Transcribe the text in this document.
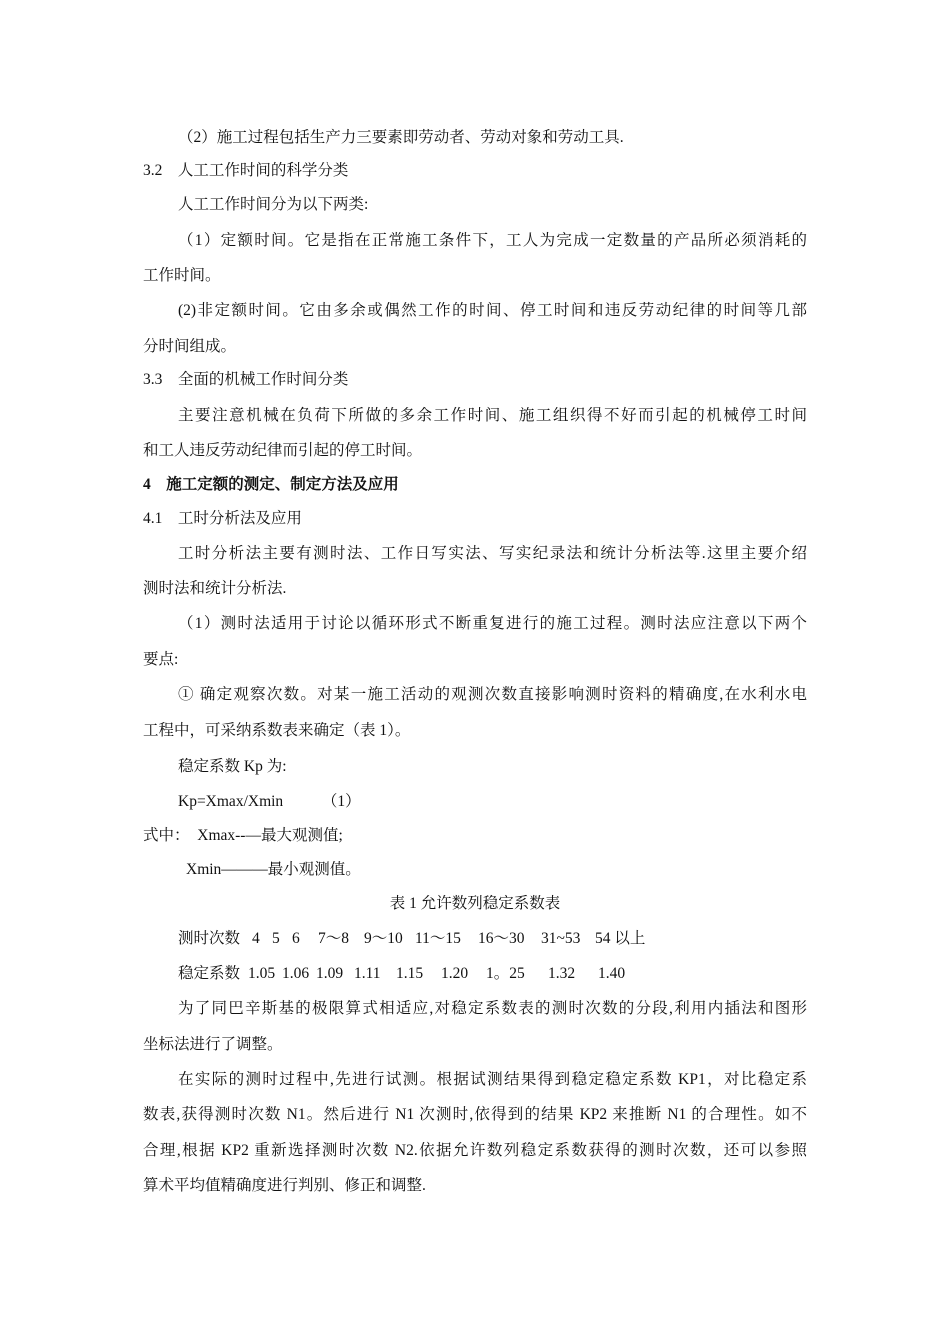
（2）施工过程包括生产力三要素即劳动者、劳动对象和劳动工具.
3.2    人工工作时间的科学分类
人工工作时间分为以下两类:
（1）定额时间。它是指在正常施工条件下，工人为完成一定数量的产品所必须消耗的
工作时间。
(2)非定额时间。它由多余或偶然工作的时间、停工时间和违反劳动纪律的时间等几部
分时间组成。
3.3    全面的机械工作时间分类
主要注意机械在负荷下所做的多余工作时间、施工组织得不好而引起的机械停工时间
和工人违反劳动纪律而引起的停工时间。
4    施工定额的测定、制定方法及应用
4.1    工时分析法及应用
工时分析法主要有测时法、工作日写实法、写实纪录法和统计分析法等.这里主要介绍
测时法和统计分析法.
（1）测时法适用于讨论以循环形式不断重复进行的施工过程。测时法应注意以下两个
要点:
① 确定观察次数。对某一施工活动的观测次数直接影响测时资料的精确度,在水利水电
工程中，可采纳系数表来确定（表 1）。
稳定系数 Kp 为:
Kp=Xmax/Xmin          （1）
式中：  Xmax--—最大观测值;
Xmin———最小观测值。
表 1 允许数列稳定系数表
测时次数 4 5 6	7～8 9～10 11～15	16～30	31~53 54 以上
稳定系数 1.05 1.06 1.09 1.11 1.15	1.20	1。25	1.32	1.40
为了同巴辛斯基的极限算式相适应,对稳定系数表的测时次数的分段,利用内插法和图形
坐标法进行了调整。
在实际的测时过程中,先进行试测。根据试测结果得到稳定稳定系数 KP1，对比稳定系
数表,获得测时次数 N1。然后进行 N1 次测时,依得到的结果 KP2 来推断 N1 的合理性。如不
合理,根据 KP2 重新选择测时次数 N2.依据允许数列稳定系数获得的测时次数，还可以参照
算术平均值精确度进行判别、修正和调整.
